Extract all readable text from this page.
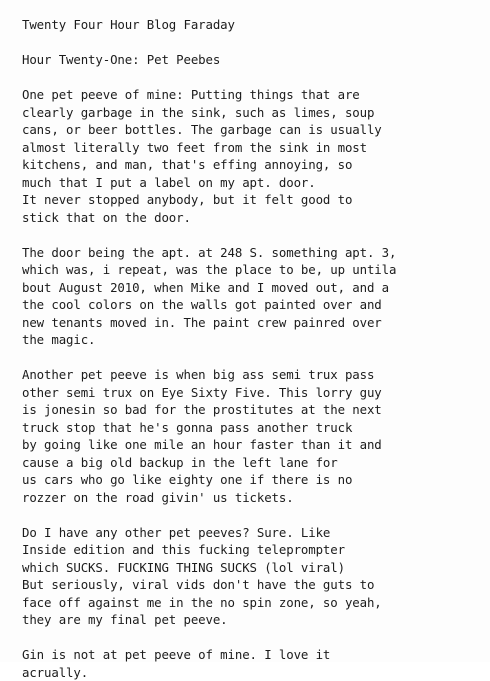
Twenty Four Hour Blog Faraday
Hour Twenty-One: Pet Peebes
One pet peeve of mine: Putting things that are
clearly garbage in the sink, such as limes, soup
cans, or beer bottles. The garbage can is usually
almost literally two feet from the sink in most
kitchens, and man, that's effing annoying, so
much that I put a label on my apt. door.
It never stopped anybody, but it felt good to
stick that on the door.
The door being the apt. at 248 S. something apt. 3,
which was, i repeat, was the place to be, up untila
bout August 2010, when Mike and I moved out, and a
the cool colors on the walls got painted over and
new tenants moved in. The paint crew painred over
the magic.
Another pet peeve is when big ass semi trux pass
other semi trux on Eye Sixty Five. This lorry guy
is jonesin so bad for the prostitutes at the next
truck stop that he's gonna pass another truck
by going like one mile an hour faster than it and
cause a big old backup in the left lane for
us cars who go like eighty one if there is no
rozzer on the road givin' us tickets.
Do I have any other pet peeves? Sure. Like
Inside edition and this fucking teleprompter
which SUCKS. FUCKING THING SUCKS (lol viral)
But seriously, viral vids don't have the guts to
face off against me in the no spin zone, so yeah,
they are my final pet peeve.
Gin is not at pet peeve of mine. I love it
acrually.
